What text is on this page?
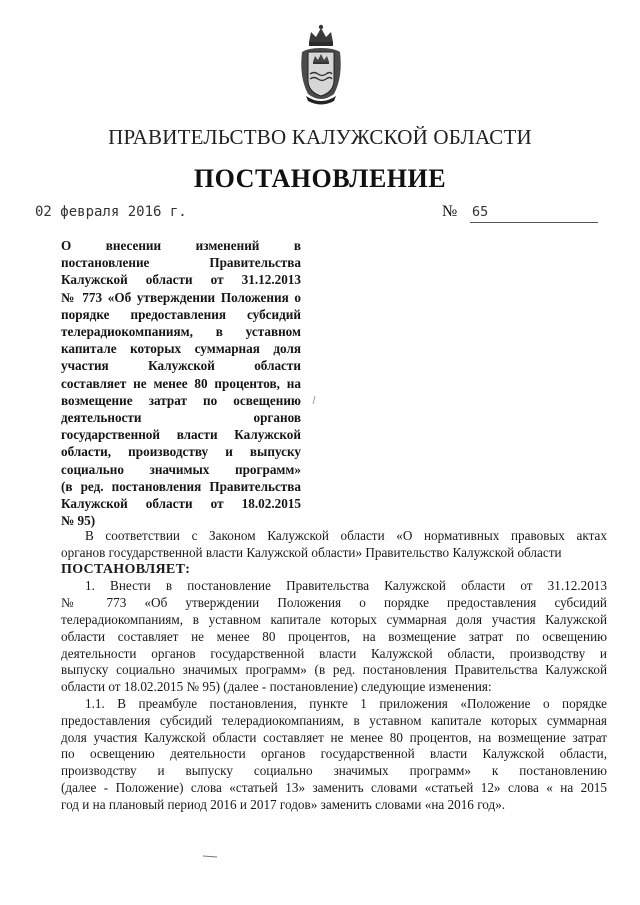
ПРАВИТЕЛЬСТВО КАЛУЖСКОЙ ОБЛАСТИ
ПОСТАНОВЛЕНИЕ
02 февраля 2016 г.	№ 65
О внесении изменений в
постановление Правительства
Калужской области от 31.12.2013
№ 773 «Об утверждении Положения о
порядке предоставления субсидий
телерадиокомпаниям, в уставном
капитале которых суммарная доля
участия Калужской области
составляет не менее 80 процентов, на
возмещение затрат по освещению
деятельности органов
государственной власти Калужской
области, производству и выпуску
социально значимых программ»
(в ред. постановления Правительства
Калужской области от 18.02.2015
№ 95)
В соответствии с Законом Калужской области «О нормативных правовых актах
органов государственной власти Калужской области» Правительство Калужской области
ПОСТАНОВЛЯЕТ:
1. Внести в постановление Правительства Калужской области от 31.12.2013
№ 773 «Об утверждении Положения о порядке предоставления субсидий
телерадиокомпаниям, в уставном капитале которых суммарная доля участия Калужской
области составляет не менее 80 процентов, на возмещение затрат по освещению
деятельности органов государственной власти Калужской области, производству и
выпуску социально значимых программ» (в ред. постановления Правительства Калужской
области от 18.02.2015 № 95) (далее - постановление) следующие изменения:
1.1. В преамбуле постановления, пункте 1 приложения «Положение о порядке
предоставления субсидий телерадиокомпаниям, в уставном капитале которых суммарная
доля участия Калужской области составляет не менее 80 процентов, на возмещение затрат
по освещению деятельности органов государственной власти Калужской области,
производству и выпуску социально значимых программ» к постановлению
(далее - Положение) слова «статьей 13» заменить словами «статьей 12» слова « на 2015
год и на плановый период 2016 и 2017 годов» заменить словами «на 2016 год».
